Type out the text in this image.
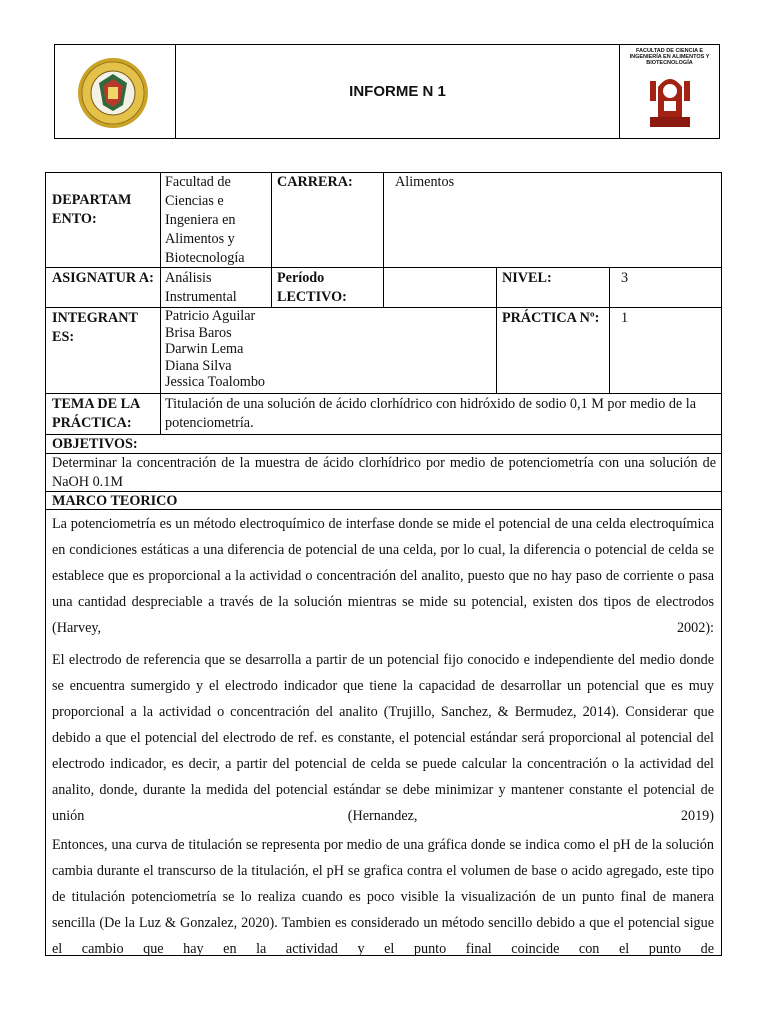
INFORME N 1
FACULTAD DE CIENCIA E INGENIERÍA EN ALIMENTOS Y BIOTECNOLOGÍA
DEPARTAM ENTO:
Facultad de Ciencias e Ingeniera en Alimentos y Biotecnología
CARRERA:	Alimentos
ASIGNATUR A: Análisis Instrumental
Período LECTIVO:
NIVEL:	3
INTEGRANT ES:
Patricio Aguilar
Brisa Baros
Darwin Lema
Diana Silva
Jessica Toalombo
PRÁCTICA Nº: 1
TEMA DE LA PRÁCTICA:
Titulación de una solución de ácido clorhídrico con hidróxido de sodio 0,1 M por medio de la potenciometría.
OBJETIVOS:
Determinar la concentración de la muestra de ácido clorhídrico por medio de potenciometría con una solución de NaOH 0.1M
MARCO TEORICO
La potenciometría es un método electroquímico de interfase donde se mide el potencial de una celda electroquímica en condiciones estáticas a una diferencia de potencial de una celda, por lo cual, la diferencia o potencial de celda se establece que es proporcional a la actividad o concentración del analito, puesto que no hay paso de corriente o pasa una cantidad despreciable a través de la solución mientras se mide su potencial, existen dos tipos de electrodos (Harvey, 2002):
El electrodo de referencia que se desarrolla a partir de un potencial fijo conocido e independiente del medio donde se encuentra sumergido y el electrodo indicador que tiene la capacidad de desarrollar un potencial que es muy proporcional a la actividad o concentración del analito (Trujillo, Sanchez, & Bermudez, 2014). Considerar que debido a que el potencial del electrodo de ref. es constante, el potencial estándar será proporcional al potencial del electrodo indicador, es decir, a partir del potencial de celda se puede calcular la concentración o la actividad del analito, donde, durante la medida del potencial estándar se debe minimizar y mantener constante el potencial de unión (Hernandez, 2019)
Entonces, una curva de titulación se representa por medio de una gráfica donde se indica como el pH de la solución cambia durante el transcurso de la titulación, el pH se grafica contra el volumen de base o acido agregado, este tipo de titulación potenciometría se lo realiza cuando es poco visible la visualización de un punto final de manera sencilla (De la Luz & Gonzalez, 2020). Tambien es considerado un método sencillo debido a que el potencial sigue el cambio que hay en la actividad y el punto final coincide con el punto de
